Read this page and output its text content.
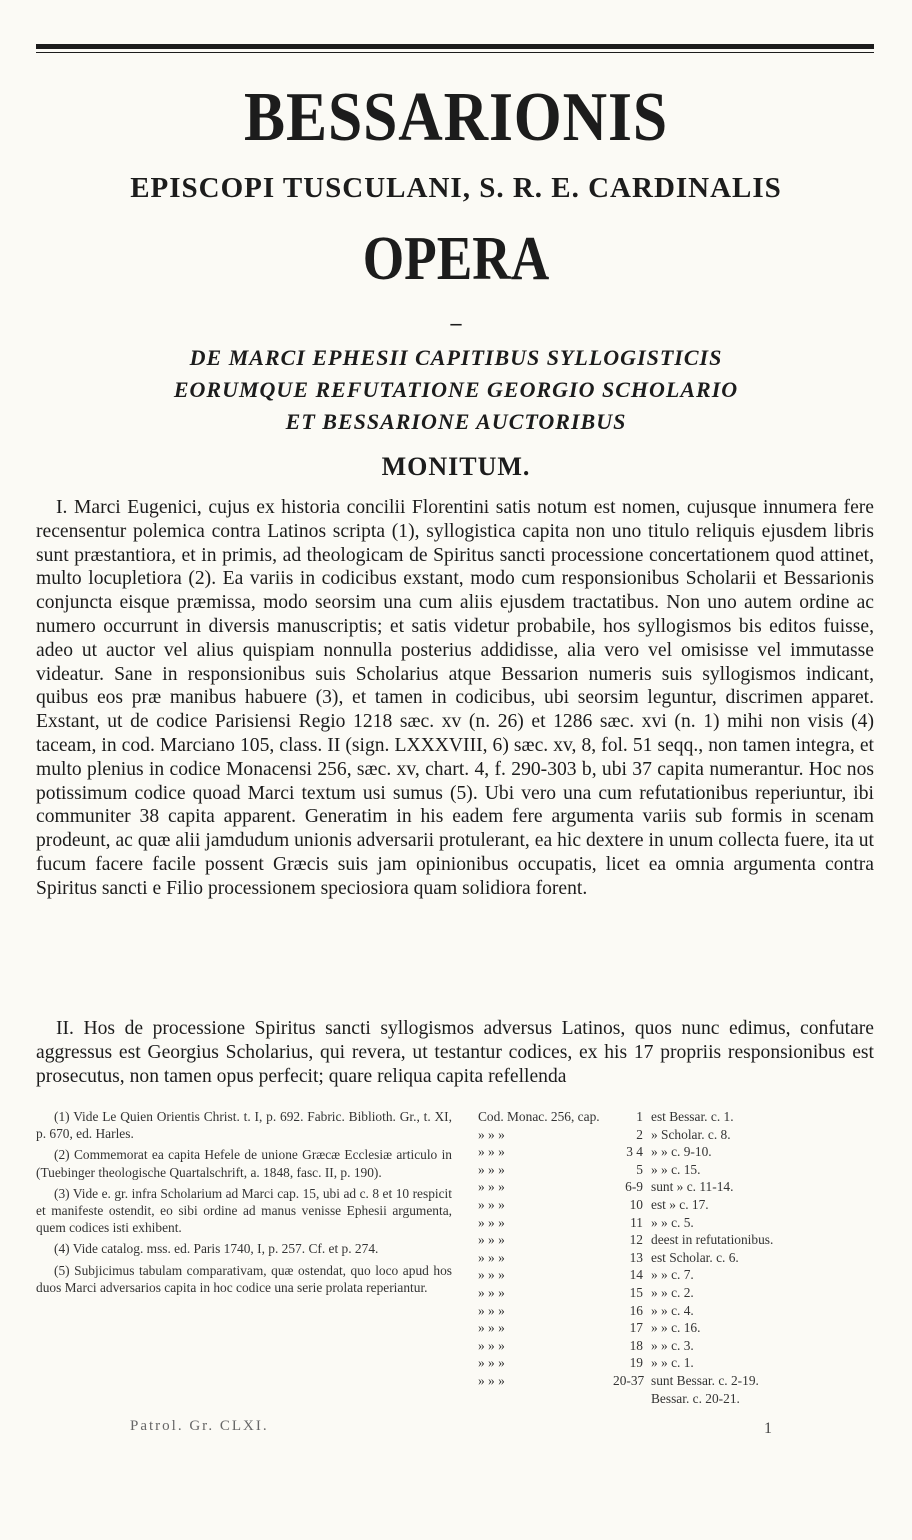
BESSARIONIS
EPISCOPI TUSCULANI, S. R. E. CARDINALIS
OPERA
–
DE MARCI EPHESII CAPITIBUS SYLLOGISTICIS
EORUMQUE REFUTATIONE GEORGIO SCHOLARIO
ET BESSARIONE AUCTORIBUS
MONITUM.

I. Marci Eugenici, cujus ex historia concilii Florentini satis notum est nomen, cujusque innumera fere recensentur polemica contra Latinos scripta (1), syllogistica capita non uno titulo reliquis ejusdem libris sunt præstantiora, et in primis, ad theologicam de Spiritus sancti processione concertationem quod attinet, multo locupletiora (2). Ea variis in codicibus exstant, modo cum responsionibus Scholarii et Bessarionis conjuncta eisque præmissa, modo seorsim una cum aliis ejusdem tractatibus. Non uno autem ordine ac numero occurrunt in diversis manuscriptis; et satis videtur probabile, hos syllogismos bis editos fuisse, adeo ut auctor vel alius quispiam nonnulla posterius addidisse, alia vero vel omisisse vel immutasse videatur. Sane in responsionibus suis Scholarius atque Bessarion numeris suis syllogismos indicant, quibus eos præ manibus habuere (3), et tamen in codicibus, ubi seorsim leguntur, discrimen apparet. Exstant, ut de codice Parisiensi Regio 1218 sæc. xv (n. 26) et 1286 sæc. xvi (n. 1) mihi non visis (4) taceam, in cod. Marciano 105, class. II (sign. LXXXVIII, 6) sæc. xv, 8, fol. 51 seqq., non tamen integra, et multo plenius in codice Monacensi 256, sæc. xv, chart. 4, f. 290-303 b, ubi 37 capita numerantur. Hoc nos potissimum codice quoad Marci textum usi sumus (5). Ubi vero una cum refutationibus reperiuntur, ibi communiter 38 capita apparent. Generatim in his eadem fere argumenta variis sub formis in scenam prodeunt, ac quæ alii jamdudum unionis adversarii protulerant, ea hic dextere in unum collecta fuere, ita ut fucum facere facile possent Græcis suis jam opinionibus occupatis, licet ea omnia argumenta contra Spiritus sancti e Filio processionem speciosiora quam solidiora forent.

II. Hos de processione Spiritus sancti syllogismos adversus Latinos, quos nunc edimus, confutare aggressus est Georgius Scholarius, qui revera, ut testantur codices, ex his 17 propriis responsionibus est prosecutus, non tamen opus perfecit; quare reliqua capita refellenda

(1) Vide Le Quien Orientis Christ. t. I, p. 692. Fabric. Biblioth. Gr., t. XI, p. 670, ed. Harles.

(2) Commemorat ea capita Hefele de unione Græcæ Ecclesiæ articulo in (Tuebinger theologische Quartalschrift, a. 1848, fasc. II, p. 190).

(3) Vide e. gr. infra Scholarium ad Marci cap. 15, ubi ad c. 8 et 10 respicit et manifeste ostendit, eo sibi ordine ad manus venisse Ephesii argumenta, quem codices isti exhibent.

(4) Vide catalog. mss. ed. Paris 1740, I, p. 257. Cf. et p. 274.

(5) Subjicimus tabulam comparativam, quæ ostendat, quo loco apud hos duos Marci adversarios capita in hoc codice una serie prolata reperiantur.

Cod. Monac. 256, cap.	1 est Bessar. c. 1.
» » »	2 » Scholar. c. 8.
» » »	3 4 » » c. 9-10.
» » »	5 » » c. 15.
» » »	6-9 sunt » c. 11-14.
» » »	10 est » c. 17.
» » »	11 » » c. 5.
» » »	12 deest in refutationibus.
» » »	13 est Scholar. c. 6.
» » »	14 » » c. 7.
» » »	15 » » c. 2.
» » »	16 » » c. 4.
» » »	17 » » c. 16.
» » »	18 » » c. 3.
» » »	19 » » c. 1.
» » »	20-37 sunt Bessar. c. 2-19.
Bessar. c. 20-21.
Patrol. Gr. CLXI.	1
